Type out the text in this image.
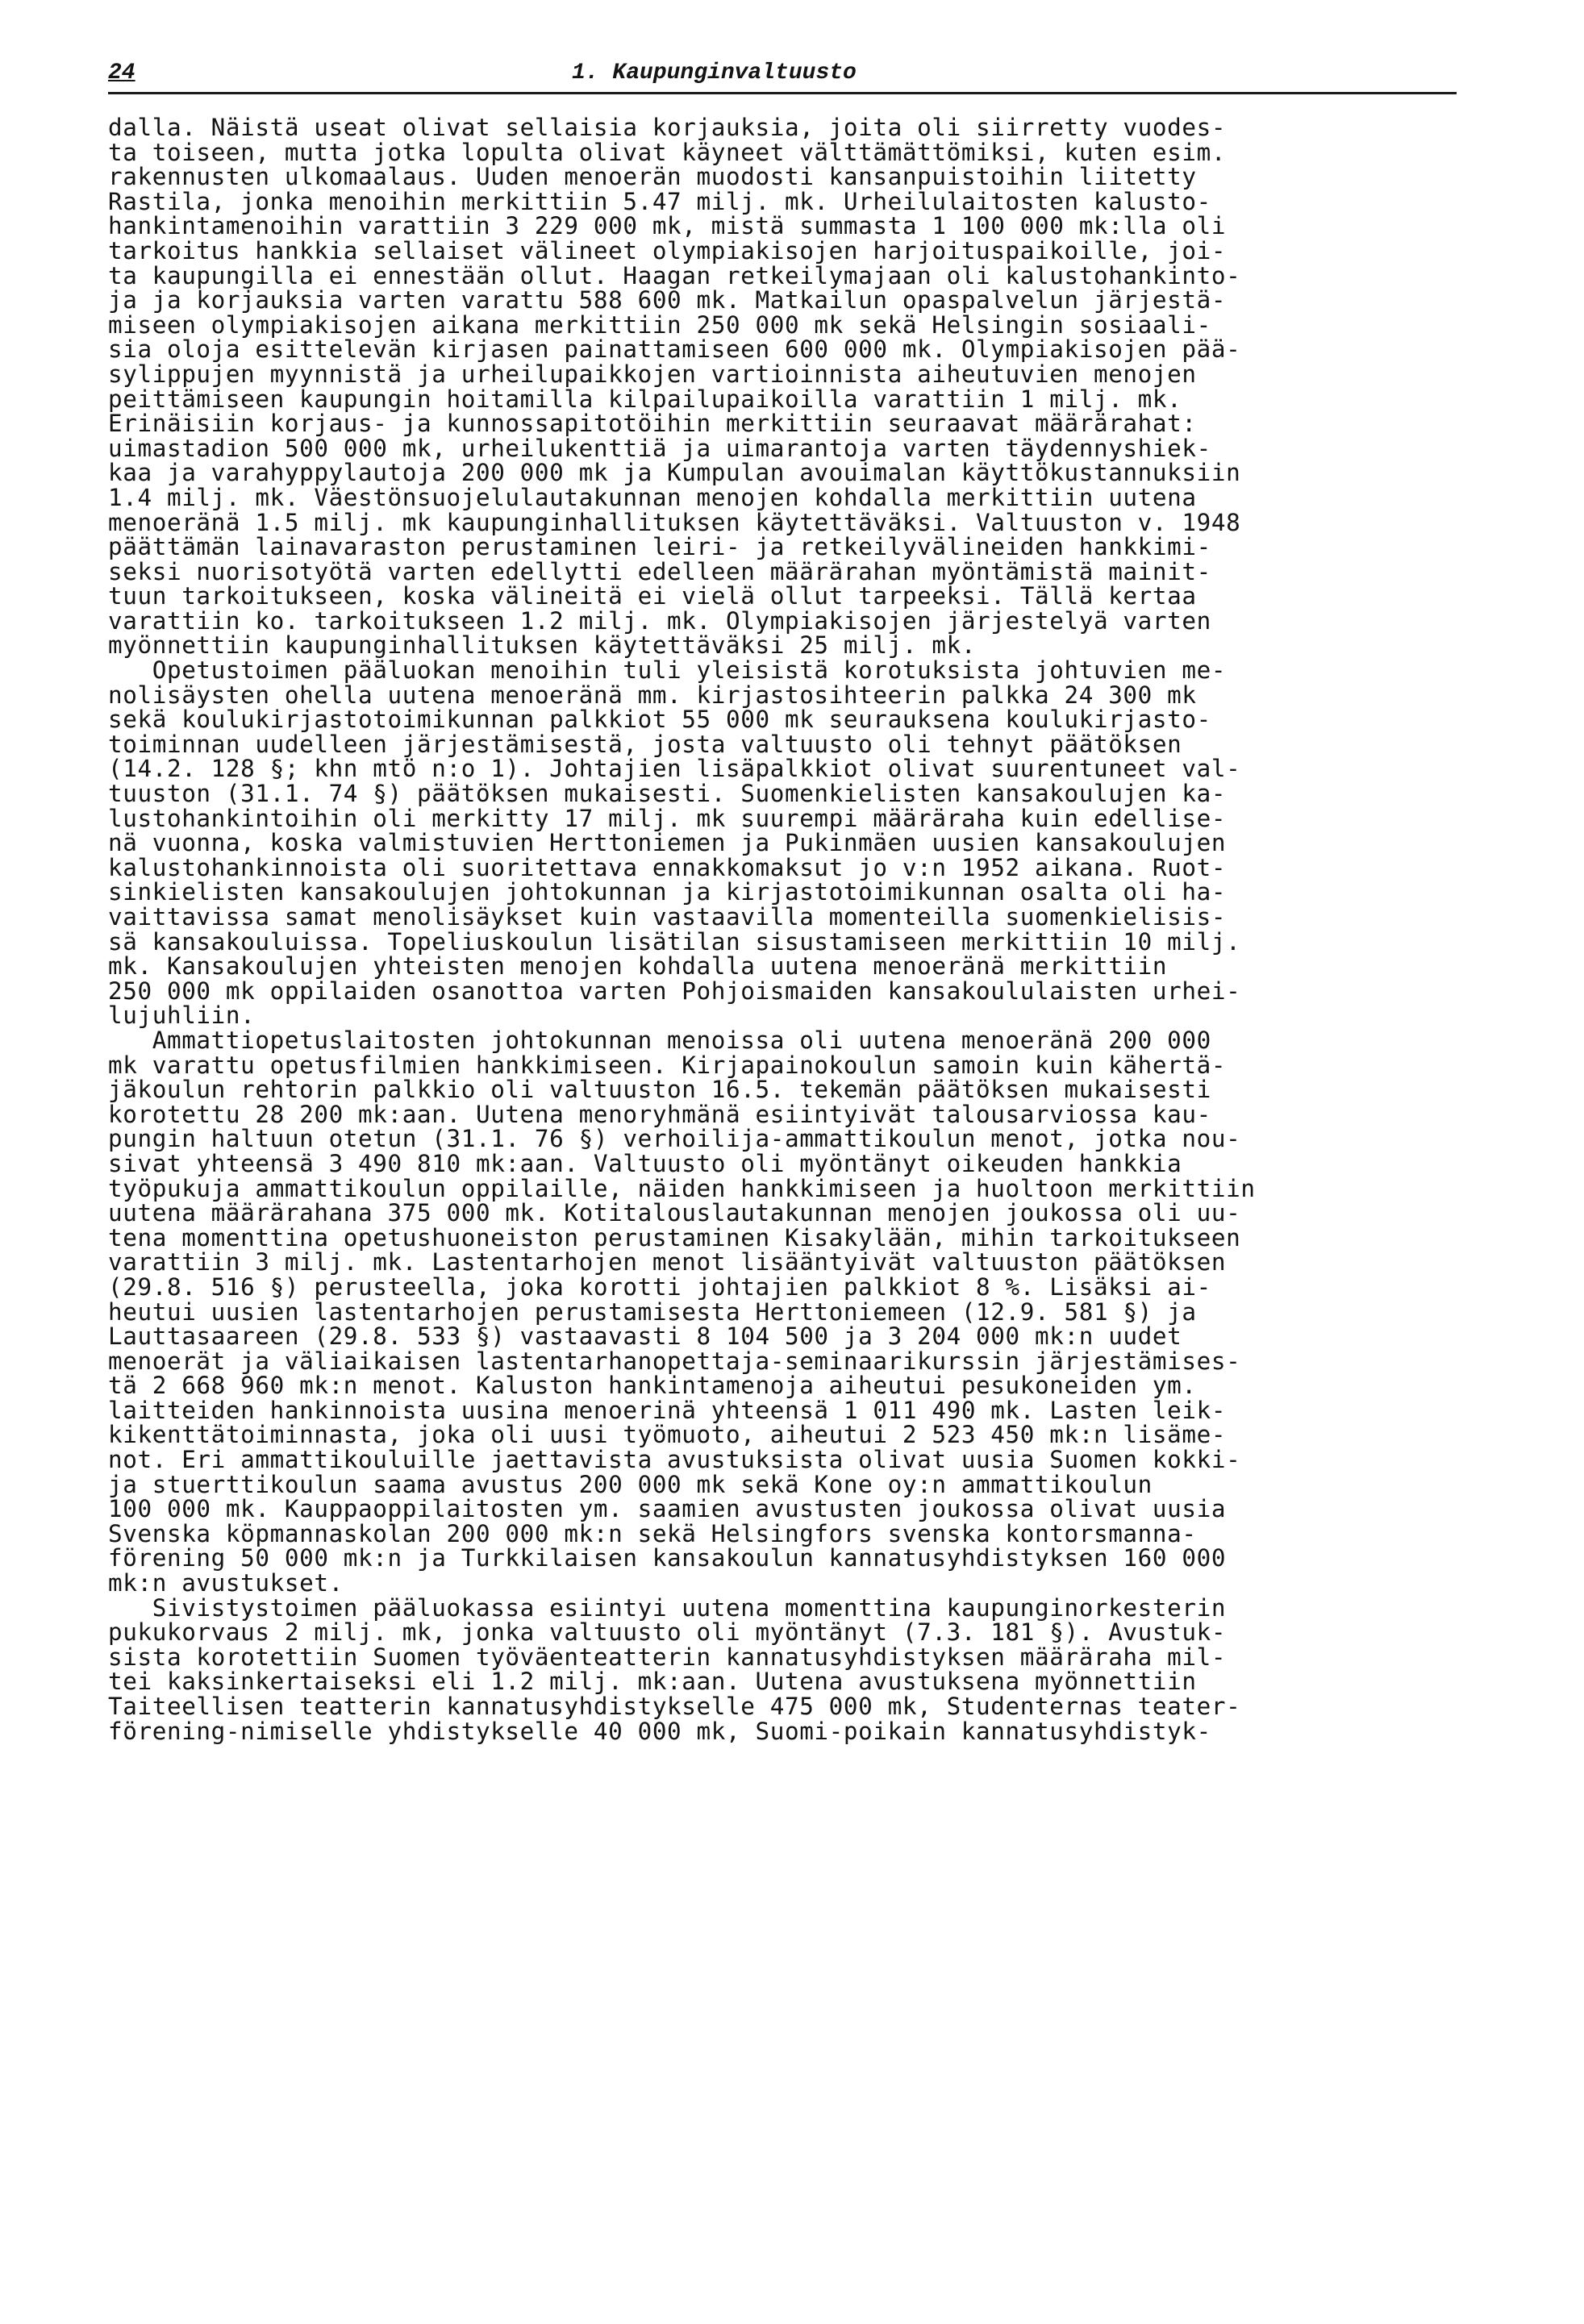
24	1. Kaupunginvaltuusto
dalla. Näistä useat olivat sellaisia korjauksia, joita oli siirretty vuodes-
ta toiseen, mutta jotka lopulta olivat käyneet välttämättömiksi, kuten esim.
rakennusten ulkomaalaus. Uuden menoerän muodosti kansanpuistoihin liitetty
Rastila, jonka menoihin merkittiin 5.47 milj. mk. Urheilulaitosten kalusto-
hankintamenoihin varattiin 3 229 000 mk, mistä summasta 1 100 000 mk:lla oli
tarkoitus hankkia sellaiset välineet olympiakisojen harjoituspaikoille, joi-
ta kaupungilla ei ennestään ollut. Haagan retkeilymajaan oli kalustohankinto-
ja ja korjauksia varten varattu 588 600 mk. Matkailun opaspalvelun järjestä-
miseen olympiakisojen aikana merkittiin 250 000 mk sekä Helsingin sosiaali-
sia oloja esittelevän kirjasen painattamiseen 600 000 mk. Olympiakisojen pää-
sylippujen myynnistä ja urheilupaikkojen vartioinnista aiheutuvien menojen
peittämiseen kaupungin hoitamilla kilpailupaikoilla varattiin 1 milj. mk.
Erinäisiin korjaus- ja kunnossapitotöihin merkittiin seuraavat määrärahat:
uimastadion 500 000 mk, urheilukenttiä ja uimarantoja varten täydennyshiek-
kaa ja varahyppylautoja 200 000 mk ja Kumpulan avouimalan käyttökustannuksiin
1.4 milj. mk. Väestönsuojelulautakunnan menojen kohdalla merkittiin uutena
menoeränä 1.5 milj. mk kaupunginhallituksen käytettäväksi. Valtuuston v. 1948
päättämän lainavaraston perustaminen leiri- ja retkeilyvälineiden hankkimi-
seksi nuorisotyötä varten edellytti edelleen määrärahan myöntämistä mainit-
tuun tarkoitukseen, koska välineitä ei vielä ollut tarpeeksi. Tällä kertaa
varattiin ko. tarkoitukseen 1.2 milj. mk. Olympiakisojen järjestelyä varten
myönnettiin kaupunginhallituksen käytettäväksi 25 milj. mk.
Opetustoimen pääluokan menoihin tuli yleisistä korotuksista johtuvien me-
nolisäysten ohella uutena menoeränä mm. kirjastosihteerin palkka 24 300 mk
sekä koulukirjastotoimikunnan palkkiot 55 000 mk seurauksena koulukirjasto-
toiminnan uudelleen järjestämisestä, josta valtuusto oli tehnyt päätöksen
(14.2. 128 §; khn mtö n:o 1). Johtajien lisäpalkkiot olivat suurentuneet val-
tuuston (31.1. 74 §) päätöksen mukaisesti. Suomenkielisten kansakoulujen ka-
lustohankintoihin oli merkitty 17 milj. mk suurempi määräraha kuin edellise-
nä vuonna, koska valmistuvien Herttoniemen ja Pukinmäen uusien kansakoulujen
kalustohankinnoista oli suoritettava ennakkomaksut jo v:n 1952 aikana. Ruot-
sinkielisten kansakoulujen johtokunnan ja kirjastotoimikunnan osalta oli ha-
vaittavissa samat menolisäykset kuin vastaavilla momenteilla suomenkielisis-
sä kansakouluissa. Topeliuskoulun lisätilan sisustamiseen merkittiin 10 milj.
mk. Kansakoulujen yhteisten menojen kohdalla uutena menoeränä merkittiin
250 000 mk oppilaiden osanottoa varten Pohjoismaiden kansakoululaisten urhei-
lujuhliin.
Ammattiopetuslaitosten johtokunnan menoissa oli uutena menoeränä 200 000
mk varattu opetusfilmien hankkimiseen. Kirjapainokoulun samoin kuin kähertä-
jäkoulun rehtorin palkkio oli valtuuston 16.5. tekemän päätöksen mukaisesti
korotettu 28 200 mk:aan. Uutena menoryhmänä esiintyivät talousarviossa kau-
pungin haltuun otetun (31.1. 76 §) verhoilija-ammattikoulun menot, jotka nou-
sivat yhteensä 3 490 810 mk:aan. Valtuusto oli myöntänyt oikeuden hankkia
työpukuja ammattikoulun oppilaille, näiden hankkimiseen ja huoltoon merkittiin
uutena määrärahana 375 000 mk. Kotitalouslautakunnan menojen joukossa oli uu-
tena momenttina opetushuoneiston perustaminen Kisakylään, mihin tarkoitukseen
varattiin 3 milj. mk. Lastentarhojen menot lisääntyivät valtuuston päätöksen
(29.8. 516 §) perusteella, joka korotti johtajien palkkiot 8 %. Lisäksi ai-
heutui uusien lastentarhojen perustamisesta Herttoniemeen (12.9. 581 §) ja
Lauttasaareen (29.8. 533 §) vastaavasti 8 104 500 ja 3 204 000 mk:n uudet
menoerät ja väliaikaisen lastentarhanopettaja-seminaarikurssin järjestämises-
tä 2 668 960 mk:n menot. Kaluston hankintamenoja aiheutui pesukoneiden ym.
laitteiden hankinnoista uusina menoerinä yhteensä 1 011 490 mk. Lasten leik-
kikenttätoiminnasta, joka oli uusi työmuoto, aiheutui 2 523 450 mk:n lisäme-
not. Eri ammattikouluille jaettavista avustuksista olivat uusia Suomen kokki-
ja stuerttikoulun saama avustus 200 000 mk sekä Kone oy:n ammattikoulun
100 000 mk. Kauppaoppilaitosten ym. saamien avustusten joukossa olivat uusia
Svenska köpmannaskolan 200 000 mk:n sekä Helsingfors svenska kontorsmanna-
förening 50 000 mk:n ja Turkkilaisen kansakoulun kannatusyhdistyksen 160 000
mk:n avustukset.
Sivistystoimen pääluokassa esiintyi uutena momenttina kaupunginorkesterin
pukukorvaus 2 milj. mk, jonka valtuusto oli myöntänyt (7.3. 181 §). Avustuk-
sista korotettiin Suomen työväenteatterin kannatusyhdistyksen määräraha mil-
tei kaksinkertaiseksi eli 1.2 milj. mk:aan. Uutena avustuksena myönnettiin
Taiteellisen teatterin kannatusyhdistykselle 475 000 mk, Studenternas teater-
förening-nimiselle yhdistykselle 40 000 mk, Suomi-poikain kannatusyhdistyk-
